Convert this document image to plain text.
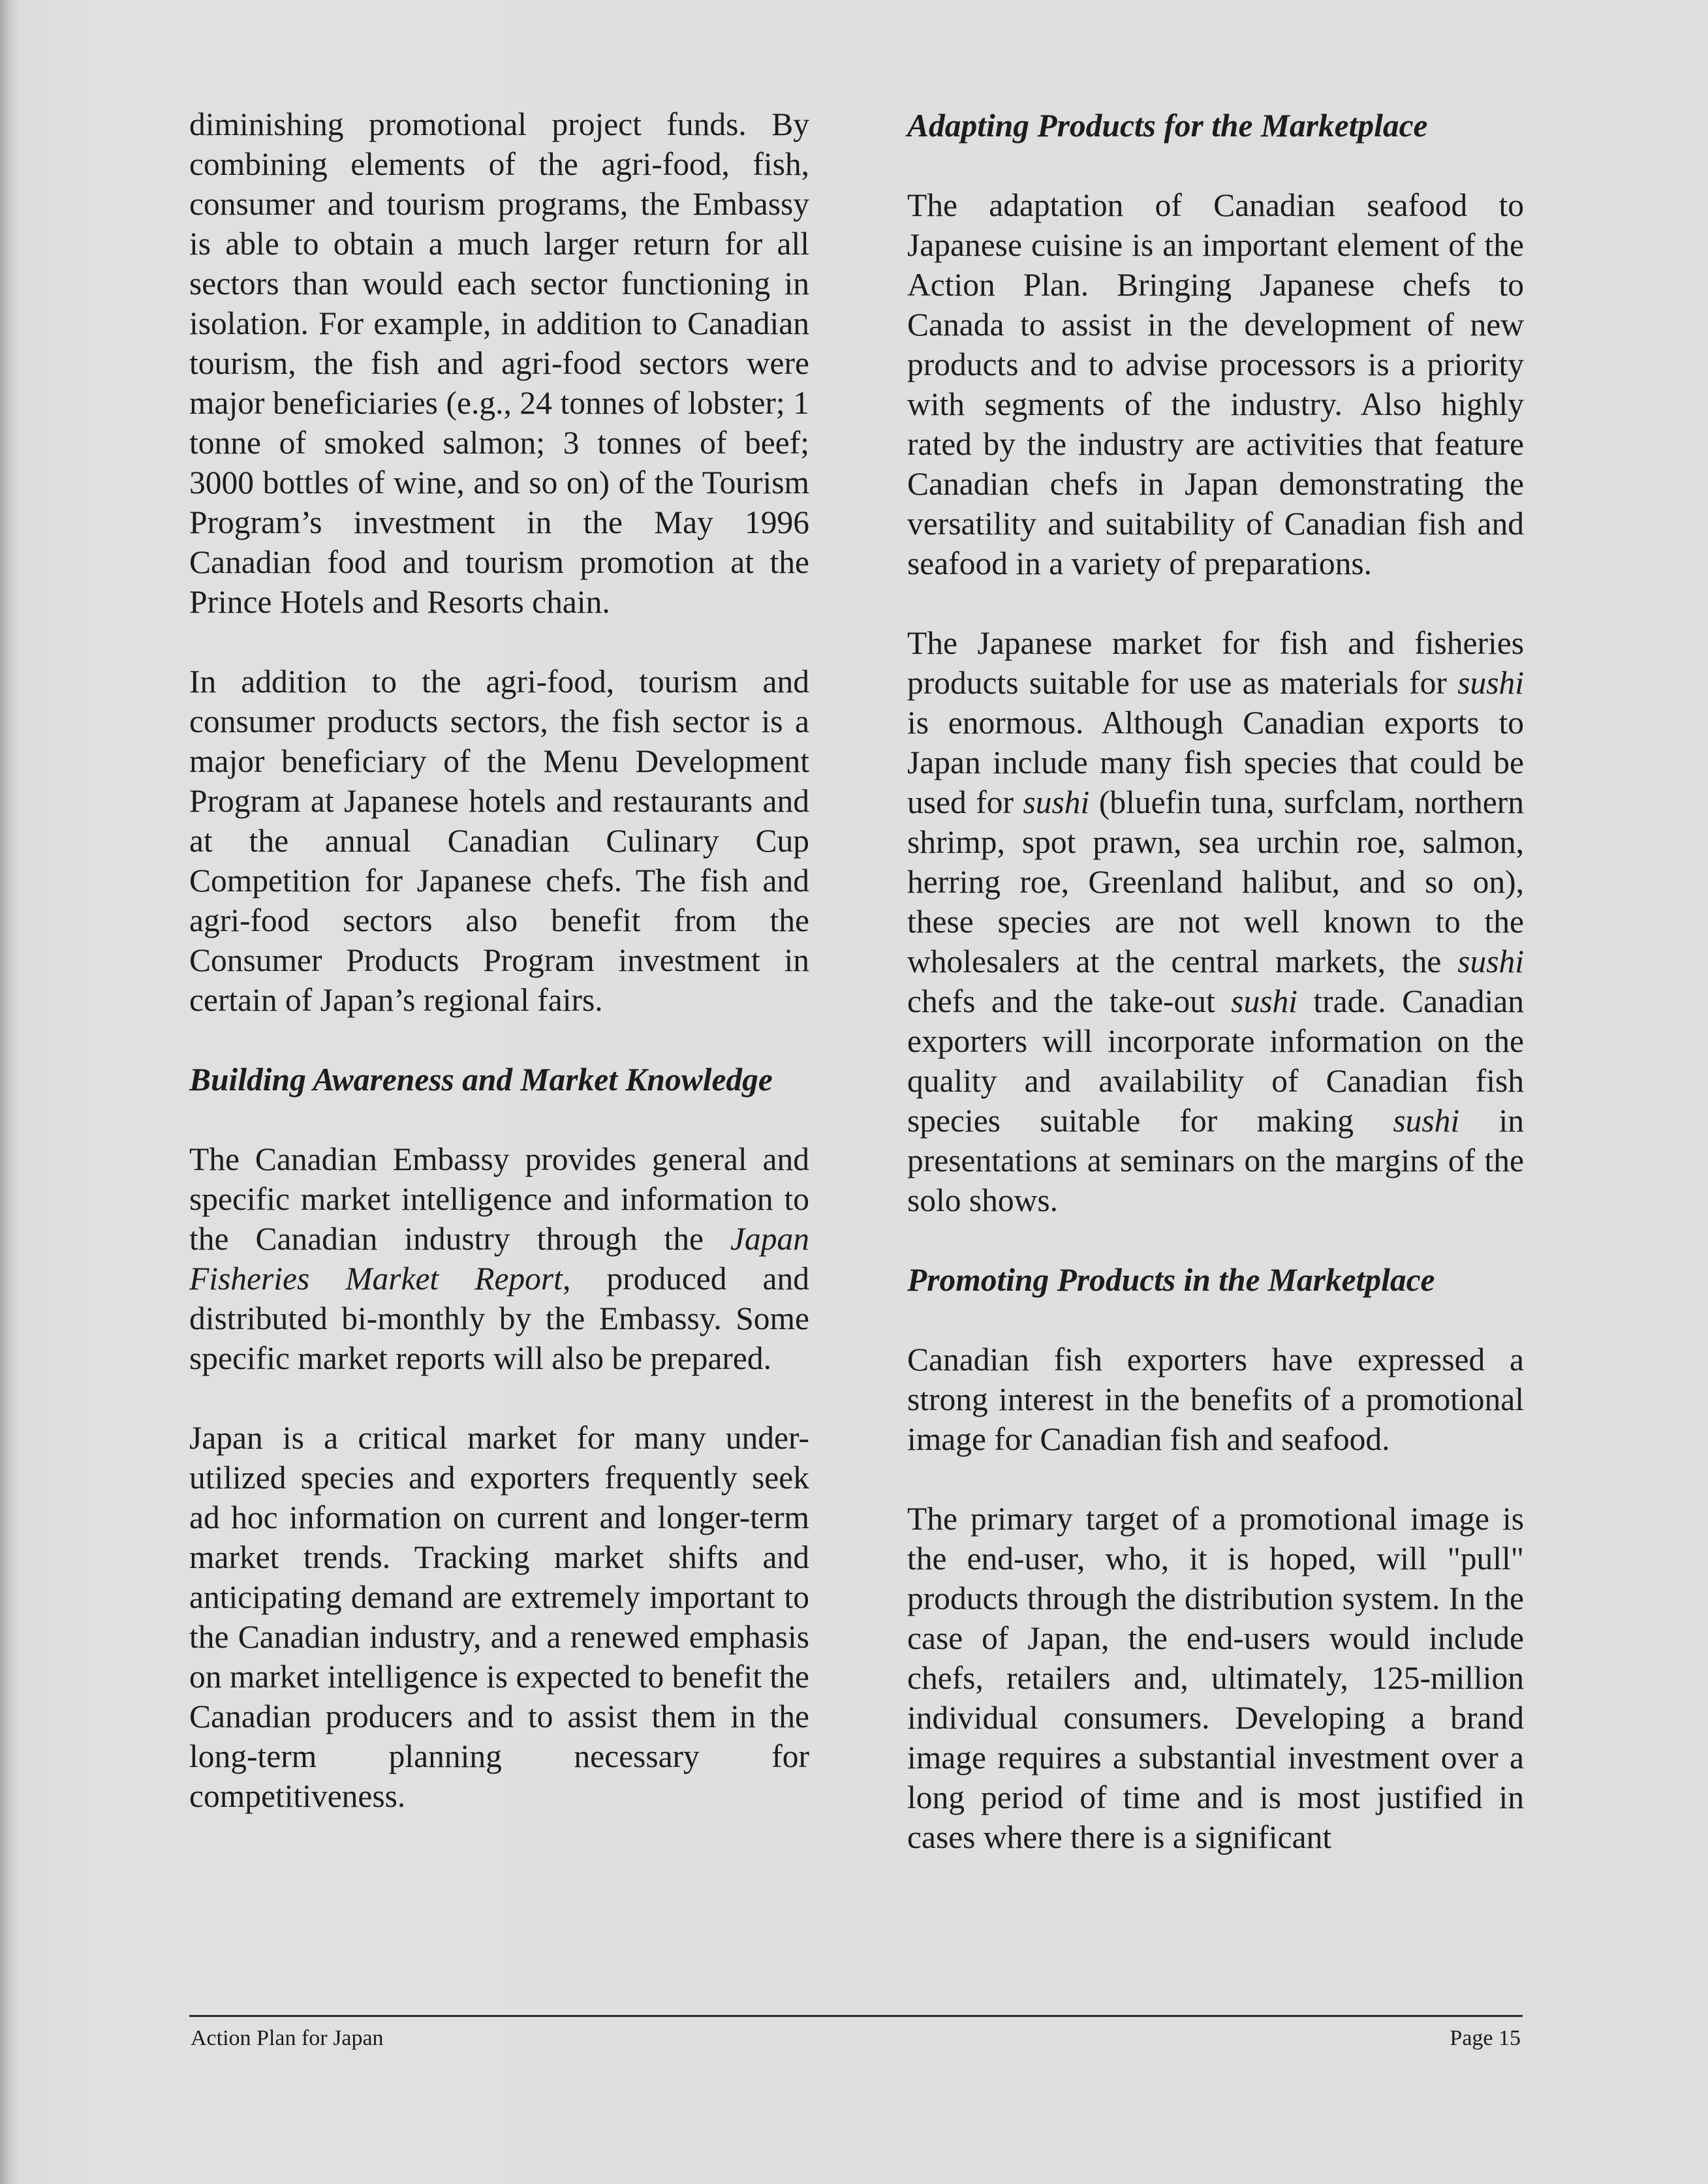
diminishing promotional project funds. By combining elements of the agri-food, fish, consumer and tourism programs, the Embassy is able to obtain a much larger return for all sectors than would each sector functioning in isolation. For example, in addition to Canadian tourism, the fish and agri-food sectors were major beneficiaries (e.g., 24 tonnes of lobster; 1 tonne of smoked salmon; 3 tonnes of beef; 3000 bottles of wine, and so on) of the Tourism Program’s investment in the May 1996 Canadian food and tourism promotion at the Prince Hotels and Resorts chain.

In addition to the agri-food, tourism and consumer products sectors, the fish sector is a major beneficiary of the Menu Development Program at Japanese hotels and restaurants and at the annual Canadian Culinary Cup Competition for Japanese chefs. The fish and agri-food sectors also benefit from the Consumer Products Program investment in certain of Japan’s regional fairs.

Building Awareness and Market Knowledge

The Canadian Embassy provides general and specific market intelligence and information to the Canadian industry through the Japan Fisheries Market Report, produced and distributed bi-monthly by the Embassy. Some specific market reports will also be prepared.

Japan is a critical market for many under-utilized species and exporters frequently seek ad hoc information on current and longer-term market trends. Tracking market shifts and anticipating demand are extremely important to the Canadian industry, and a renewed emphasis on market intelligence is expected to benefit the Canadian producers and to assist them in the long-term planning necessary for competitiveness.

Adapting Products for the Marketplace

The adaptation of Canadian seafood to Japanese cuisine is an important element of the Action Plan. Bringing Japanese chefs to Canada to assist in the development of new products and to advise processors is a priority with segments of the industry. Also highly rated by the industry are activities that feature Canadian chefs in Japan demonstrating the versatility and suitability of Canadian fish and seafood in a variety of preparations.

The Japanese market for fish and fisheries products suitable for use as materials for sushi is enormous. Although Canadian exports to Japan include many fish species that could be used for sushi (bluefin tuna, surfclam, northern shrimp, spot prawn, sea urchin roe, salmon, herring roe, Greenland halibut, and so on), these species are not well known to the wholesalers at the central markets, the sushi chefs and the take-out sushi trade. Canadian exporters will incorporate information on the quality and availability of Canadian fish species suitable for making sushi in presentations at seminars on the margins of the solo shows.

Promoting Products in the Marketplace

Canadian fish exporters have expressed a strong interest in the benefits of a promotional image for Canadian fish and seafood.

The primary target of a promotional image is the end-user, who, it is hoped, will "pull" products through the distribution system. In the case of Japan, the end-users would include chefs, retailers and, ultimately, 125-million individual consumers. Developing a brand image requires a substantial investment over a long period of time and is most justified in cases where there is a significant

Action Plan for Japan	Page 15
